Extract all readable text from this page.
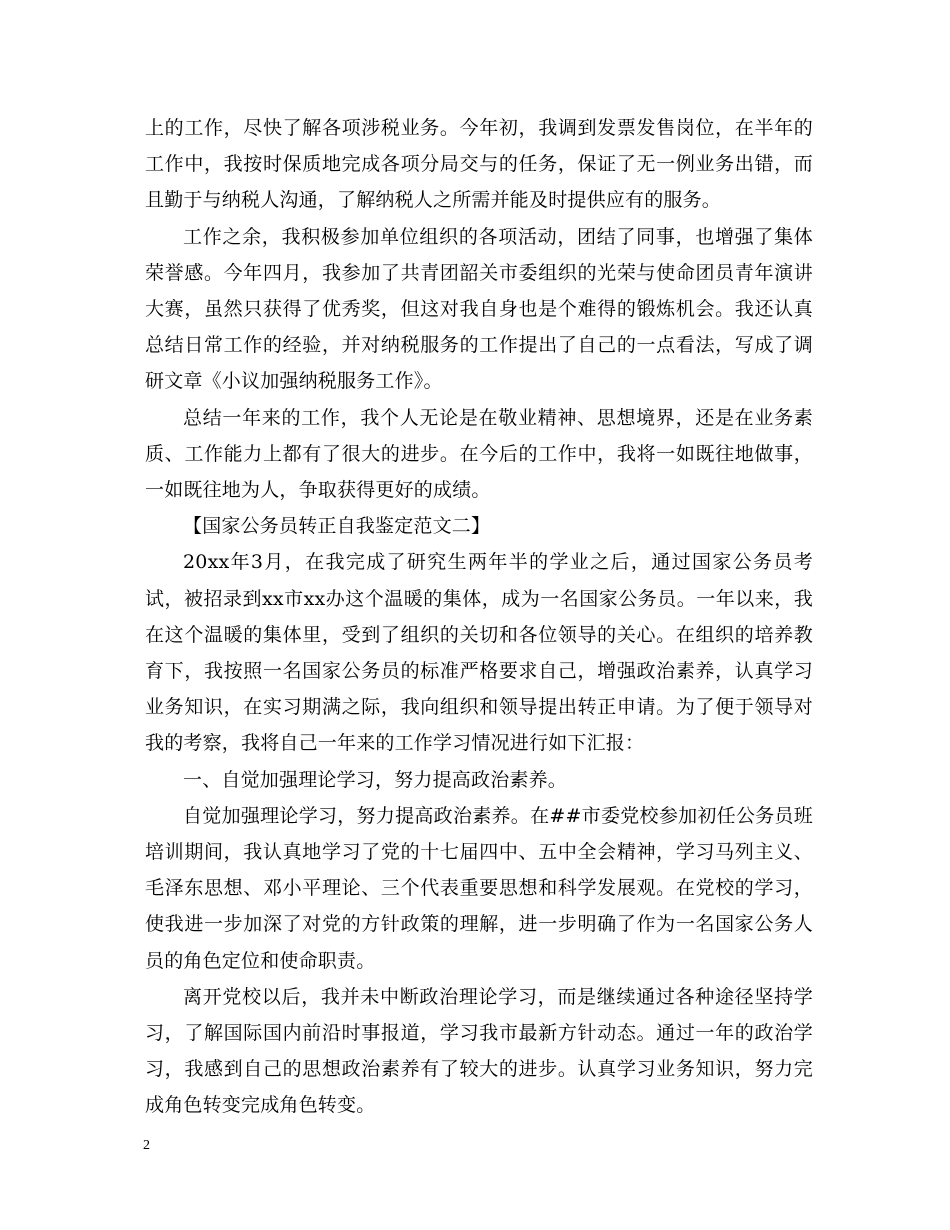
上的工作，尽快了解各项涉税业务。今年初，我调到发票发售岗位，在半年的工作中，我按时保质地完成各项分局交与的任务，保证了无一例业务出错，而且勤于与纳税人沟通，了解纳税人之所需并能及时提供应有的服务。

工作之余，我积极参加单位组织的各项活动，团结了同事，也增强了集体荣誉感。今年四月，我参加了共青团韶关市委组织的光荣与使命团员青年演讲大赛，虽然只获得了优秀奖，但这对我自身也是个难得的锻炼机会。我还认真总结日常工作的经验，并对纳税服务的工作提出了自己的一点看法，写成了调研文章《小议加强纳税服务工作》。

总结一年来的工作，我个人无论是在敬业精神、思想境界，还是在业务素质、工作能力上都有了很大的进步。在今后的工作中，我将一如既往地做事，一如既往地为人，争取获得更好的成绩。

【国家公务员转正自我鉴定范文二】

20xx年3月，在我完成了研究生两年半的学业之后，通过国家公务员考试，被招录到xx市xx办这个温暖的集体，成为一名国家公务员。一年以来，我在这个温暖的集体里，受到了组织的关切和各位领导的关心。在组织的培养教育下，我按照一名国家公务员的标准严格要求自己，增强政治素养，认真学习业务知识，在实习期满之际，我向组织和领导提出转正申请。为了便于领导对我的考察，我将自己一年来的工作学习情况进行如下汇报：

一、自觉加强理论学习，努力提高政治素养。

自觉加强理论学习，努力提高政治素养。在##市委党校参加初任公务员班培训期间，我认真地学习了党的十七届四中、五中全会精神，学习马列主义、毛泽东思想、邓小平理论、三个代表重要思想和科学发展观。在党校的学习，使我进一步加深了对党的方针政策的理解，进一步明确了作为一名国家公务人员的角色定位和使命职责。

离开党校以后，我并未中断政治理论学习，而是继续通过各种途径坚持学习，了解国际国内前沿时事报道，学习我市最新方针动态。通过一年的政治学习，我感到自己的思想政治素养有了较大的进步。认真学习业务知识，努力完成角色转变完成角色转变。

2
